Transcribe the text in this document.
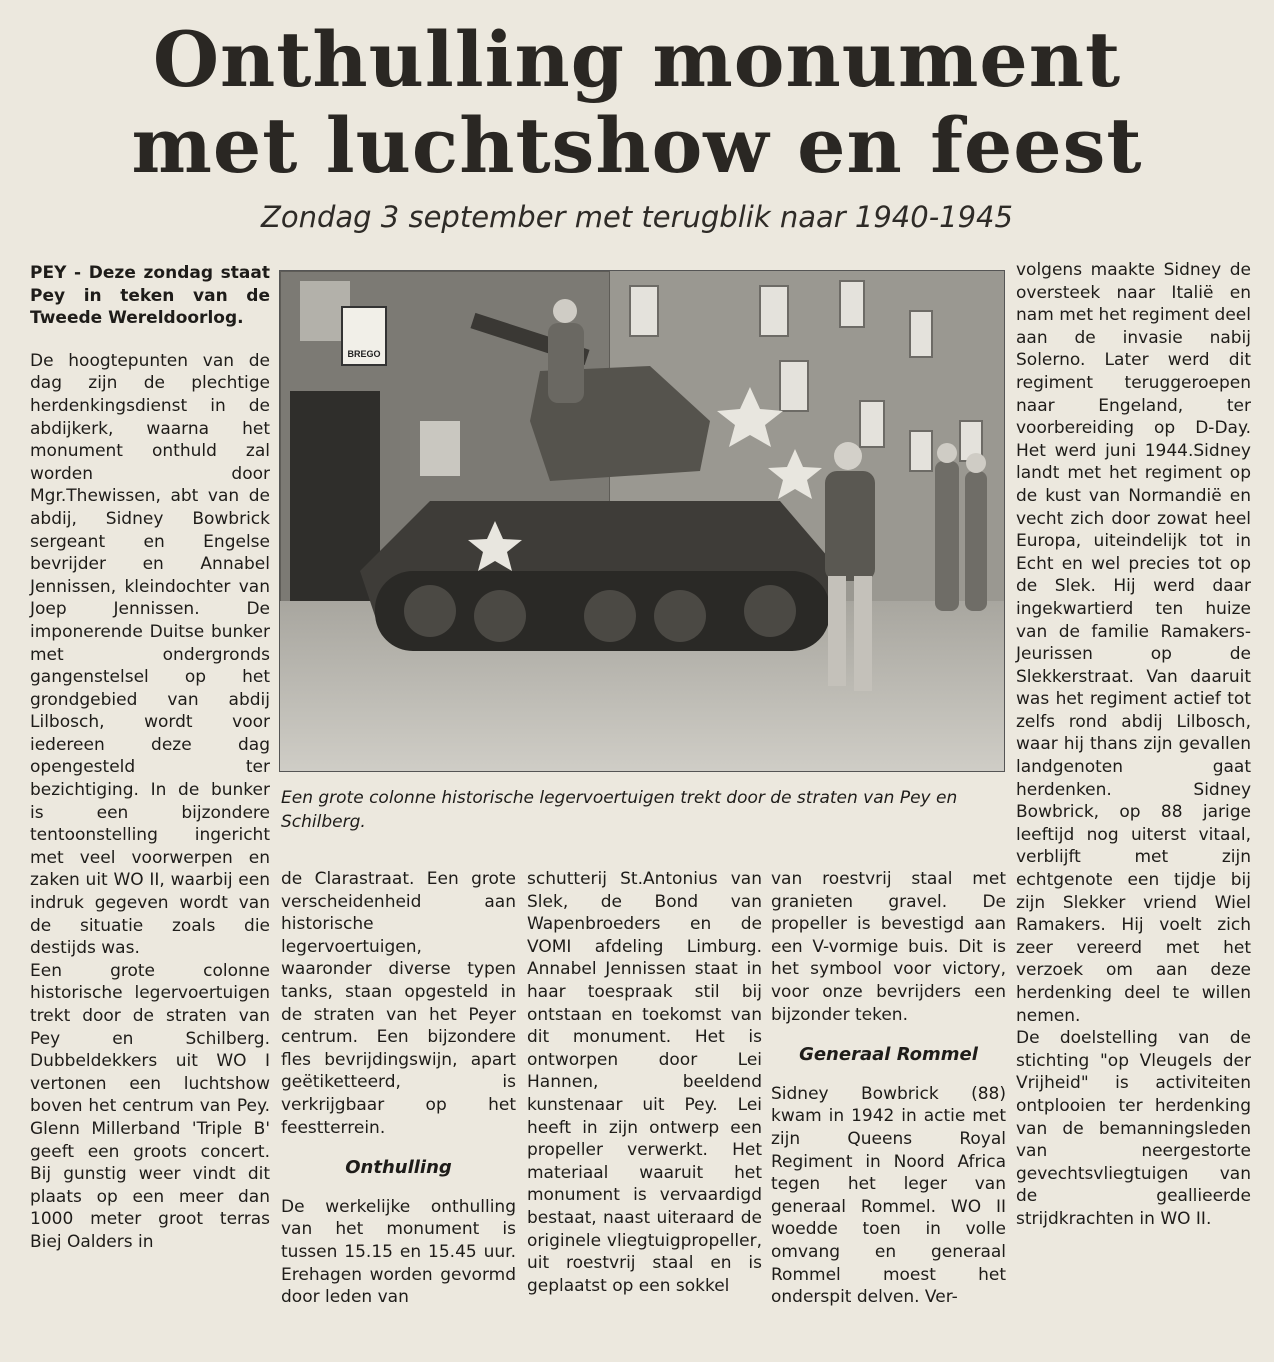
Onthulling monument
met luchtshow en feest
Zondag 3 september met terugblik naar 1940-1945

PEY - Deze zondag staat Pey in teken van de Tweede Wereldoorlog.

De hoogtepunten van de dag zijn de plechtige herdenkingsdienst in de abdijkerk, waarna het monument onthuld zal worden door Mgr.Thewissen, abt van de abdij, Sidney Bowbrick sergeant en Engelse bevrijder en Annabel Jennissen, kleindochter van Joep Jennissen. De imponerende Duitse bunker met ondergronds gangenstelsel op het grondgebied van abdij Lilbosch, wordt voor iedereen deze dag opengesteld ter bezichtiging. In de bunker is een bijzondere tentoonstelling ingericht met veel voorwerpen en zaken uit WO II, waarbij een indruk gegeven wordt van de situatie zoals die destijds was.

Een grote colonne historische legervoertuigen trekt door de straten van Pey en Schilberg. Dubbeldekkers uit WO I vertonen een luchtshow boven het centrum van Pey. Glenn Millerband 'Triple B' geeft een groots concert. Bij gunstig weer vindt dit plaats op een meer dan 1000 meter groot terras Biej Oalders in

BREGO
Een grote colonne historische legervoertuigen trekt door de straten van Pey en Schilberg.

de Clarastraat. Een grote verscheidenheid aan historische legervoertuigen, waaronder diverse typen tanks, staan opgesteld in de straten van het Peyer centrum. Een bijzondere fles bevrijdingswijn, apart geëtiketteerd, is verkrijgbaar op het feestterrein.

Onthulling

De werkelijke onthulling van het monument is tussen 15.15 en 15.45 uur. Erehagen worden gevormd door leden van

schutterij St.Antonius van Slek, de Bond van Wapenbroeders en de VOMI afdeling Limburg. Annabel Jennissen staat in haar toespraak stil bij ontstaan en toekomst van dit monument. Het is ontworpen door Lei Hannen, beeldend kunstenaar uit Pey. Lei heeft in zijn ontwerp een propeller verwerkt. Het materiaal waaruit het monument is vervaardigd bestaat, naast uiteraard de originele vliegtuigpropeller, uit roestvrij staal en is geplaatst op een sokkel

van roestvrij staal met granieten gravel. De propeller is bevestigd aan een V-vormige buis. Dit is het symbool voor victory, voor onze bevrijders een bijzonder teken.

Generaal Rommel

Sidney Bowbrick (88) kwam in 1942 in actie met zijn Queens Royal Regiment in Noord Africa tegen het leger van generaal Rommel. WO II woedde toen in volle omvang en generaal Rommel moest het onderspit delven. Ver-

volgens maakte Sidney de oversteek naar Italië en nam met het regiment deel aan de invasie nabij Solerno. Later werd dit regiment teruggeroepen naar Engeland, ter voorbereiding op D-Day. Het werd juni 1944.Sidney landt met het regiment op de kust van Normandië en vecht zich door zowat heel Europa, uiteindelijk tot in Echt en wel precies tot op de Slek. Hij werd daar ingekwartierd ten huize van de familie Ramakers-Jeurissen op de Slekkerstraat. Van daaruit was het regiment actief tot zelfs rond abdij Lilbosch, waar hij thans zijn gevallen landgenoten gaat herdenken. Sidney Bowbrick, op 88 jarige leeftijd nog uiterst vitaal, verblijft met zijn echtgenote een tijdje bij zijn Slekker vriend Wiel Ramakers. Hij voelt zich zeer vereerd met het verzoek om aan deze herdenking deel te willen nemen.

De doelstelling van de stichting "op Vleugels der Vrijheid" is activiteiten ontplooien ter herdenking van de bemanningsleden van neergestorte gevechtsvliegtuigen van de geallieerde strijdkrachten in WO II.
